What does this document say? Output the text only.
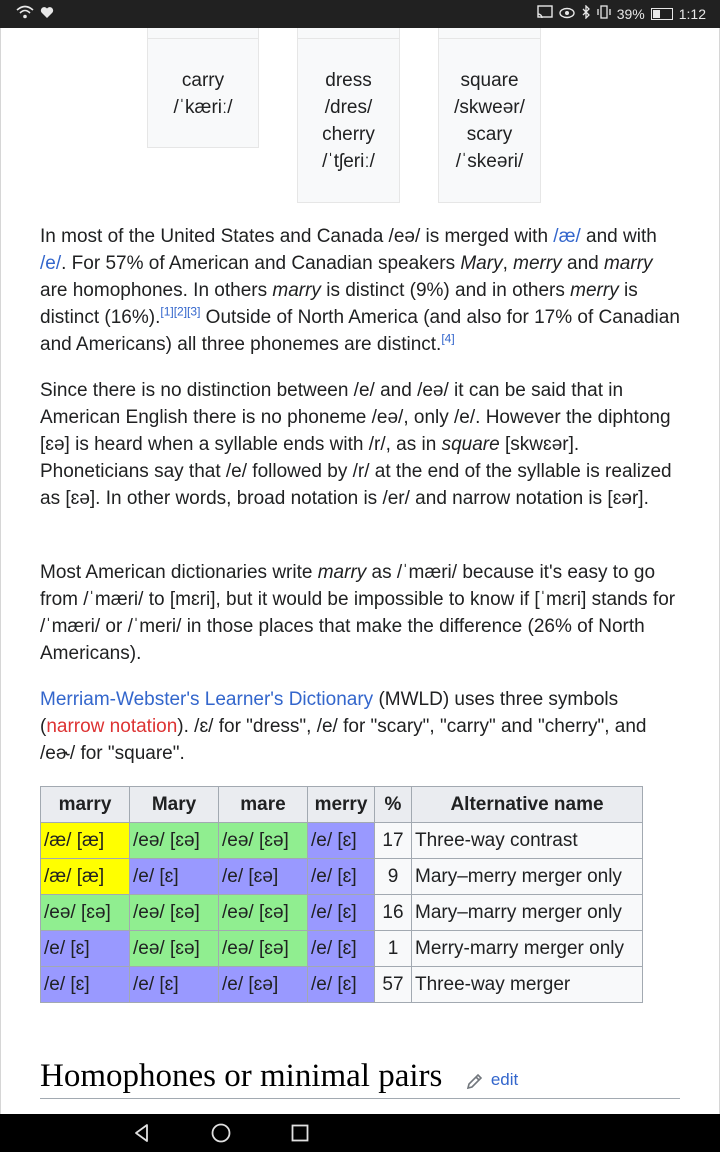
39% 1:12
carry
/ˈkæriː/
dress
/dres/
cherry
/ˈtʃeriː/
square
/skweər/
scary
/ˈskeəri/
In most of the United States and Canada /eə/ is merged with /æ/ and with /e/. For 57% of American and Canadian speakers Mary, merry and marry are homophones. In others marry is distinct (9%) and in others merry is distinct (16%).[1][2][3] Outside of North America (and also for 17% of Canadian and Americans) all three phonemes are distinct.[4]
Since there is no distinction between /e/ and /eə/ it can be said that in American English there is no phoneme /eə/, only /e/. However the diphtong [ɛə] is heard when a syllable ends with /r/, as in square [skwɛər]. Phoneticians say that /e/ followed by /r/ at the end of the syllable is realized as [ɛə]. In other words, broad notation is /er/ and narrow notation is [ɛər].
Most American dictionaries write marry as /ˈmæri/ because it's easy to go from /ˈmæri/ to [mɛri], but it would be impossible to know if [ˈmɛri] stands for /ˈmæri/ or /ˈmeri/ in those places that make the difference (26% of North Americans).
Merriam-Webster's Learner's Dictionary (MWLD) uses three symbols (narrow notation). /ɛ/ for "dress", /e/ for "scary", "carry" and "cherry", and /eɚ/ for "square".
marry	Mary	mare	merry	%	Alternative name
/æ/ [æ]	/eə/ [ɛə]	/eə/ [ɛə]	/e/ [ɛ]	17	Three-way contrast
/æ/ [æ]	/e/ [ɛ]	/e/ [ɛə]	/e/ [ɛ]	9	Mary–merry merger only
/eə/ [ɛə]	/eə/ [ɛə]	/eə/ [ɛə]	/e/ [ɛ]	16	Mary–marry merger only
/e/ [ɛ]	/eə/ [ɛə]	/eə/ [ɛə]	/e/ [ɛ]	1	Merry-marry merger only
/e/ [ɛ]	/e/ [ɛ]	/e/ [ɛə]	/e/ [ɛ]	57	Three-way merger
Homophones or minimal pairs	edit
